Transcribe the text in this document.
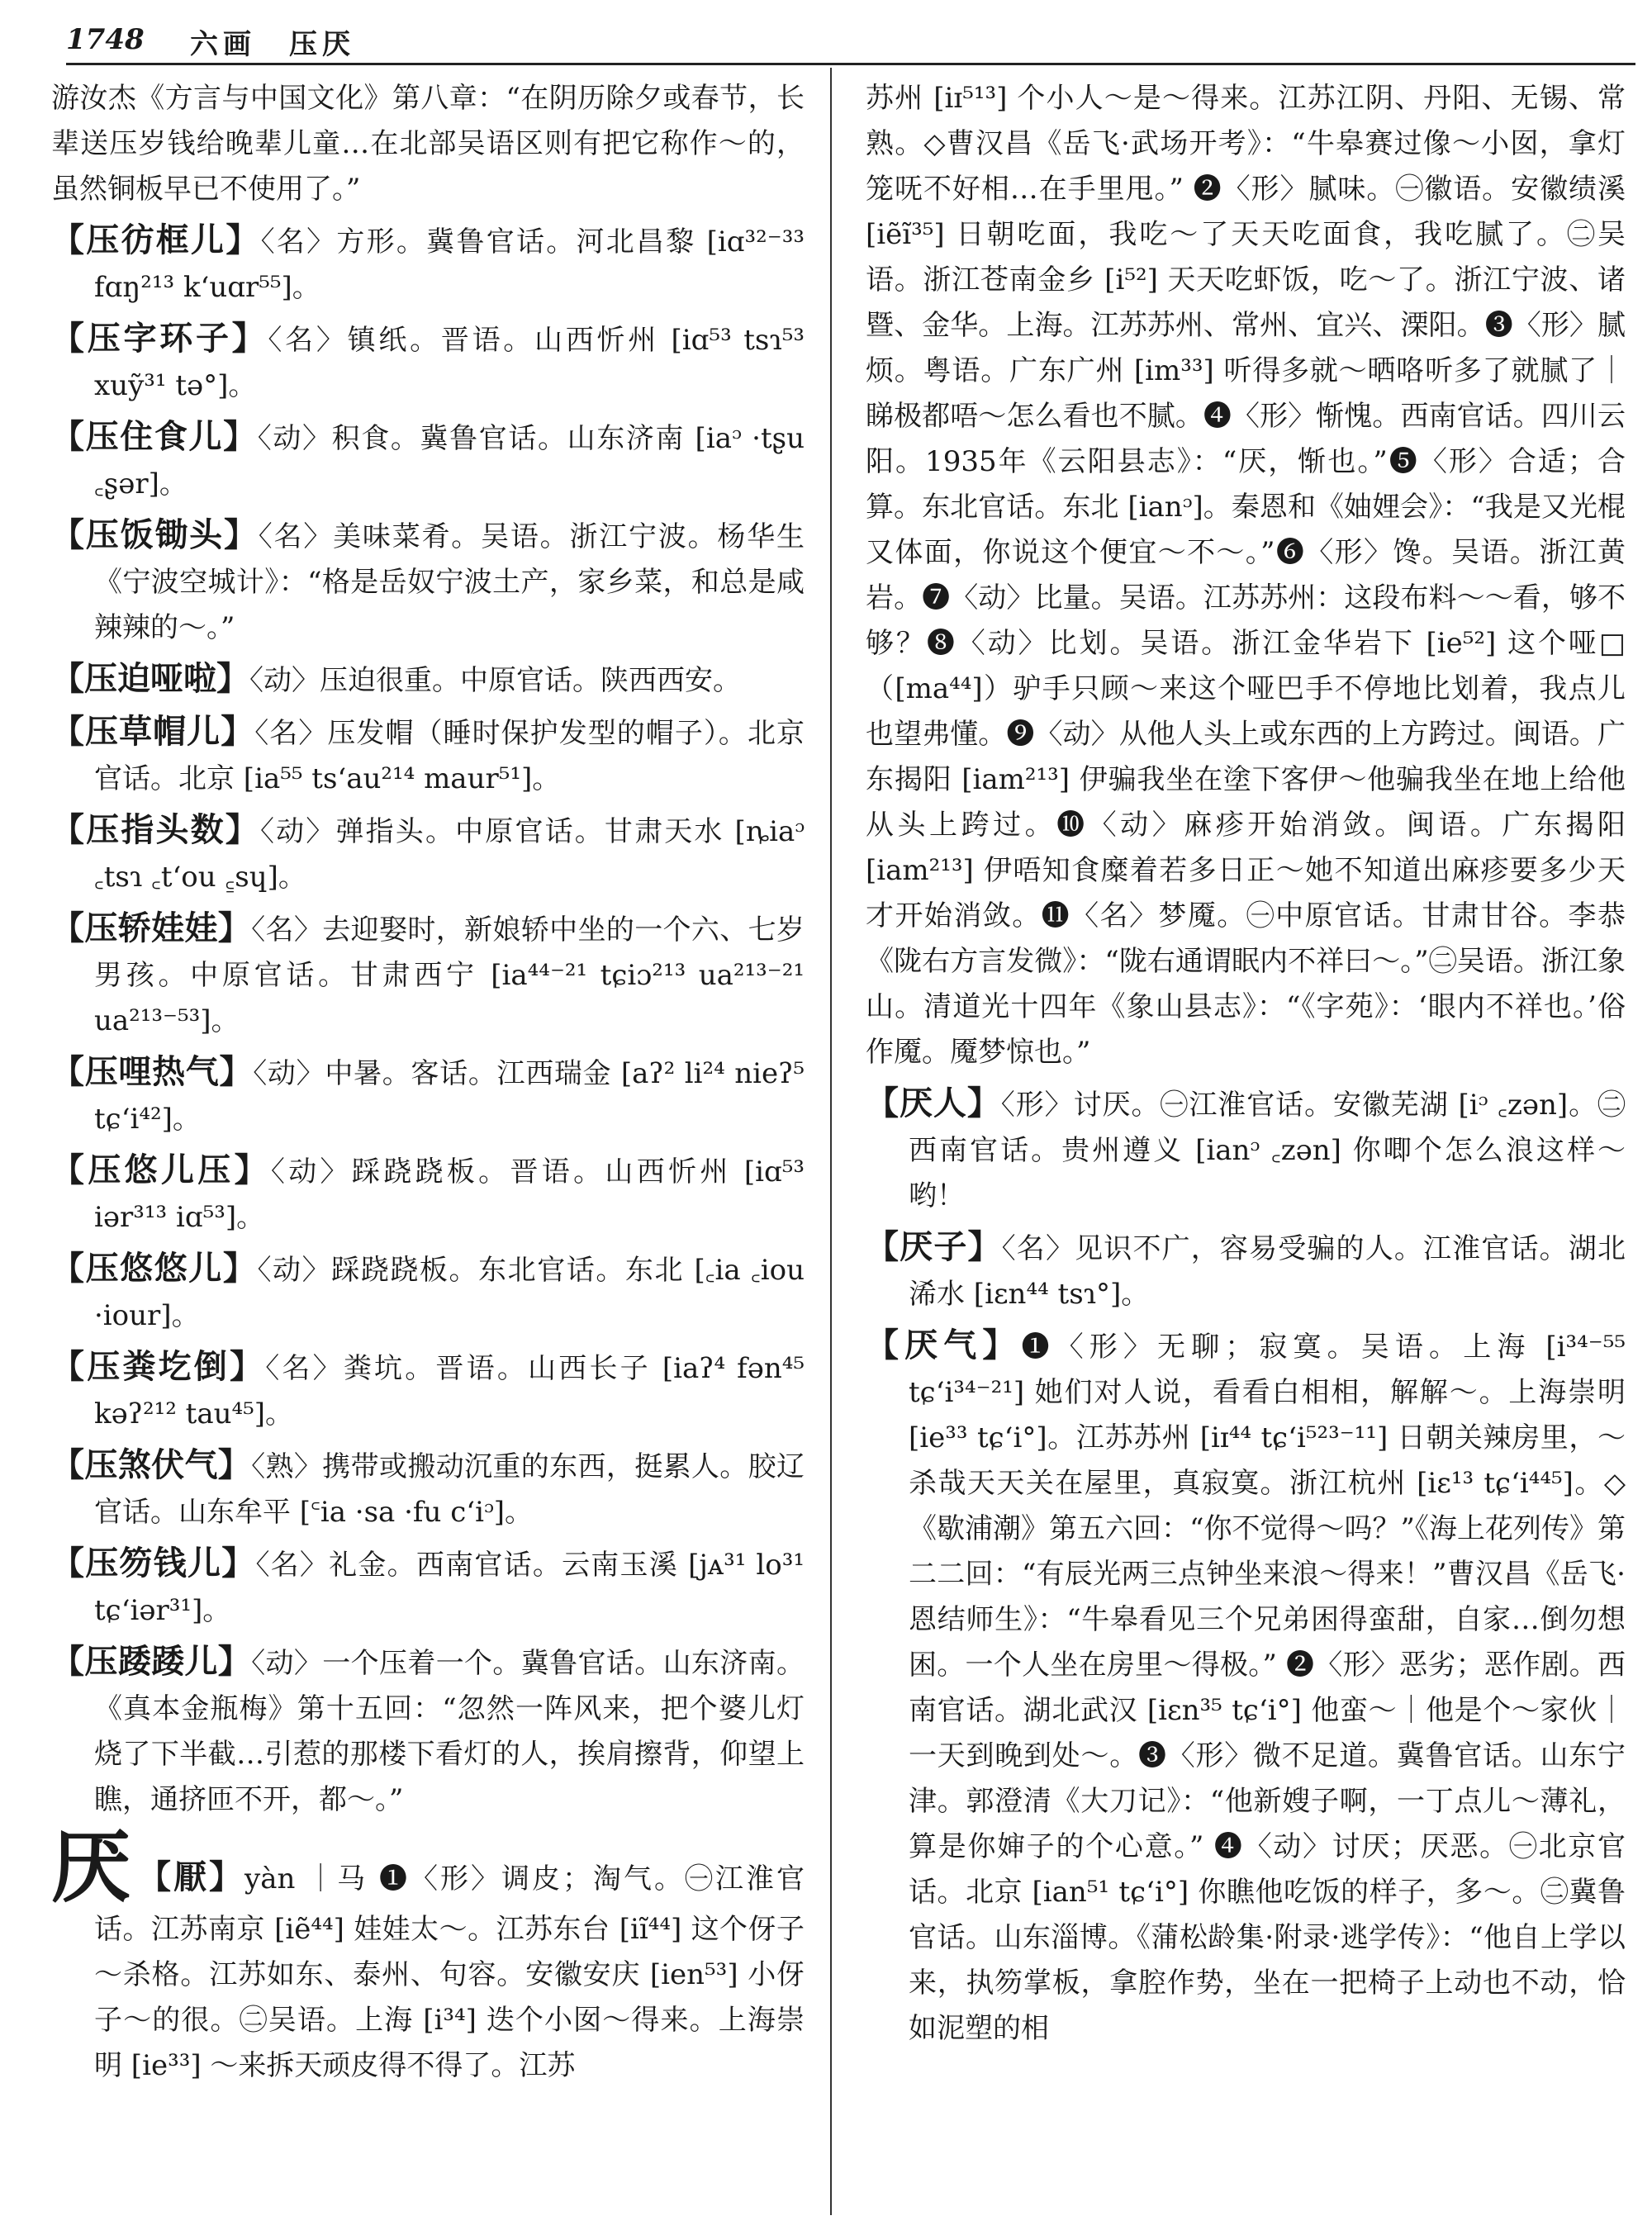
1748 六画　压厌

游汝杰《方言与中国文化》第八章：“在阴历除夕或春节，长辈送压岁钱给晚辈儿童…在北部吴语区则有把它称作～的，虽然铜板早已不使用了。”

【压彷框儿】〈名〉方形。冀鲁官话。河北昌黎 [iɑ³²⁻³³ fɑŋ²¹³ k‘uɑr⁵⁵]。

【压字环子】〈名〉镇纸。晋语。山西忻州 [iɑ⁵³ tsɿ⁵³ xuỹ³¹ tə°]。

【压住食儿】〈动〉积食。冀鲁官话。山东济南 [iaᵓ ·tʂu ꜀ʂər]。

【压饭锄头】〈名〉美味菜肴。吴语。浙江宁波。杨华生《宁波空城计》：“格是岳奴宁波土产，家乡菜，和总是咸辣辣的～。”

【压迫哑啦】〈动〉压迫很重。中原官话。陕西西安。

【压草帽儿】〈名〉压发帽（睡时保护发型的帽子）。北京官话。北京 [ia⁵⁵ ts‘au²¹⁴ maur⁵¹]。

【压指头数】〈动〉弹指头。中原官话。甘肃天水 [ȵiaᵓ ꜀tsɿ ꜀t‘ou ꜁sɥ]。

【压轿娃娃】〈名〉去迎娶时，新娘轿中坐的一个六、七岁男孩。中原官话。甘肃西宁 [ia⁴⁴⁻²¹ tɕiɔ²¹³ ua²¹³⁻²¹ ua²¹³⁻⁵³]。

【压哩热气】〈动〉中暑。客话。江西瑞金 [aʔ² li²⁴ nieʔ⁵ tɕ‘i⁴²]。

【压悠儿压】〈动〉踩跷跷板。晋语。山西忻州 [iɑ⁵³ iər³¹³ iɑ⁵³]。

【压悠悠儿】〈动〉踩跷跷板。东北官话。东北 [꜀ia ꜀iou ·iour]。

【压粪圪倒】〈名〉粪坑。晋语。山西长子 [iaʔ⁴ fən⁴⁵ kəʔ²¹² tau⁴⁵]。

【压煞伏气】〈熟〉携带或搬动沉重的东西，挺累人。胶辽官话。山东牟平 [꜂ia ·sa ·fu c‘iᵓ]。

【压笏钱儿】〈名〉礼金。西南官话。云南玉溪 [jᴀ³¹ lo³¹ tɕ‘iər³¹]。

【压踒踒儿】〈动〉一个压着一个。冀鲁官话。山东济南。《真本金瓶梅》第十五回：“忽然一阵风来，把个婆儿灯烧了下半截…引惹的那楼下看灯的人，挨肩擦背，仰望上瞧，通挤匝不开，都～。”

厌 【厭】yàn ｜马 ❶〈形〉调皮；淘气。㊀江淮官话。江苏南京 [iẽ⁴⁴] 娃娃太～。江苏东台 [iĩ⁴⁴] 这个伢子～杀格。江苏如东、泰州、句容。安徽安庆 [ien⁵³] 小伢子～的很。㊁吴语。上海 [i³⁴] 迭个小囡～得来。上海崇明 [ie³³] ～来拆天顽皮得不得了。江苏

苏州 [iɪ⁵¹³] 个小人～是～得来。江苏江阴、丹阳、无锡、常熟。◇曹汉昌《岳飞·武场开考》：“牛皋赛过像～小囡，拿灯笼呒不好相…在手里甩。” ❷〈形〉腻味。㊀徽语。安徽绩溪 [iẽĩ³⁵] 日朝吃面，我吃～了天天吃面食，我吃腻了。㊁吴语。浙江苍南金乡 [i⁵²] 天天吃虾饭，吃～了。浙江宁波、诸暨、金华。上海。江苏苏州、常州、宜兴、溧阳。❸〈形〉腻烦。粤语。广东广州 [im³³] 听得多就～晒咯听多了就腻了｜睇极都唔～怎么看也不腻。❹〈形〉惭愧。西南官话。四川云阳。1935年《云阳县志》：“厌，惭也。”❺〈形〉合适；合算。东北官话。东北 [ianᵓ]。秦恩和《妯娌会》：“我是又光棍又体面，你说这个便宜～不～。”❻〈形〉馋。吴语。浙江黄岩。❼〈动〉比量。吴语。江苏苏州：这段布料～～看，够不够？❽〈动〉比划。吴语。浙江金华岩下 [ie⁵²] 这个哑□（[ma⁴⁴]）驴手只顾～来这个哑巴手不停地比划着，我点儿也望弗懂。❾〈动〉从他人头上或东西的上方跨过。闽语。广东揭阳 [iam²¹³] 伊骗我坐在塗下客伊～他骗我坐在地上给他从头上跨过。❿〈动〉麻疹开始消敛。闽语。广东揭阳 [iam²¹³] 伊唔知食糜着若多日正～她不知道出麻疹要多少天才开始消敛。⓫〈名〉梦魇。㊀中原官话。甘肃甘谷。李恭《陇右方言发微》：“陇右通谓眠内不祥曰～。”㊁吴语。浙江象山。清道光十四年《象山县志》：“《字苑》：‘眼内不祥也。’俗作魇。魇梦惊也。”

【厌人】〈形〉讨厌。㊀江淮官话。安徽芜湖 [iᵓ ꜀zən]。㊁西南官话。贵州遵义 [ianᵓ ꜀zən] 你唧个怎么浪这样～哟！

【厌子】〈名〉见识不广，容易受骗的人。江淮官话。湖北浠水 [iɛn⁴⁴ tsɿ°]。

【厌气】❶〈形〉无聊；寂寞。吴语。上海 [i³⁴⁻⁵⁵ tɕ‘i³⁴⁻²¹] 她们对人说，看看白相相，解解～。上海崇明 [ie³³ tɕ‘i°]。江苏苏州 [iɪ⁴⁴ tɕ‘i⁵²³⁻¹¹] 日朝关辣房里，～杀哉天天关在屋里，真寂寞。浙江杭州 [iɛ¹³ tɕ‘i⁴⁴⁵]。◇《歇浦潮》第五六回：“你不觉得～吗？”《海上花列传》第二二回：“有辰光两三点钟坐来浪～得来！”曹汉昌《岳飞·恩结师生》：“牛皋看见三个兄弟困得蛮甜，自家…倒勿想困。一个人坐在房里～得极。” ❷〈形〉恶劣；恶作剧。西南官话。湖北武汉 [iɛn³⁵ tɕ‘i°] 他蛮～｜他是个～家伙｜一天到晚到处～。❸〈形〉微不足道。冀鲁官话。山东宁津。郭澄清《大刀记》：“他新嫂子啊，一丁点儿～薄礼，算是你婶子的个心意。” ❹〈动〉讨厌；厌恶。㊀北京官话。北京 [ian⁵¹ tɕ‘i°] 你瞧他吃饭的样子，多～。㊁冀鲁官话。山东淄博。《蒲松龄集·附录·逃学传》：“他自上学以来，执笏掌板，拿腔作势，坐在一把椅子上动也不动，恰如泥塑的相
